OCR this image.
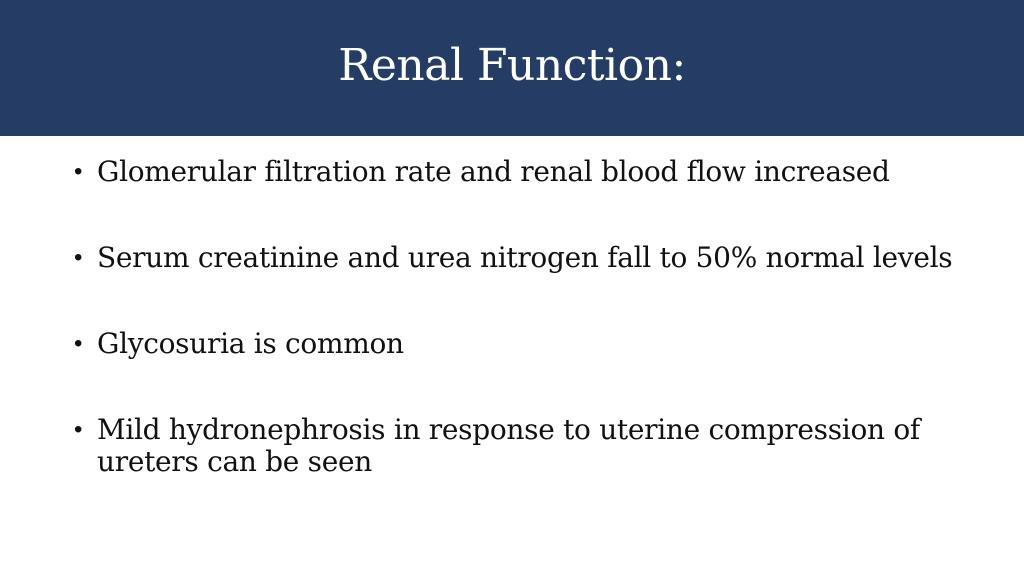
Renal Function:
• Glomerular filtration rate and renal blood flow increased
• Serum creatinine and urea nitrogen fall to 50% normal levels
• Glycosuria is common
• Mild hydronephrosis in response to uterine compression of ureters can be seen
